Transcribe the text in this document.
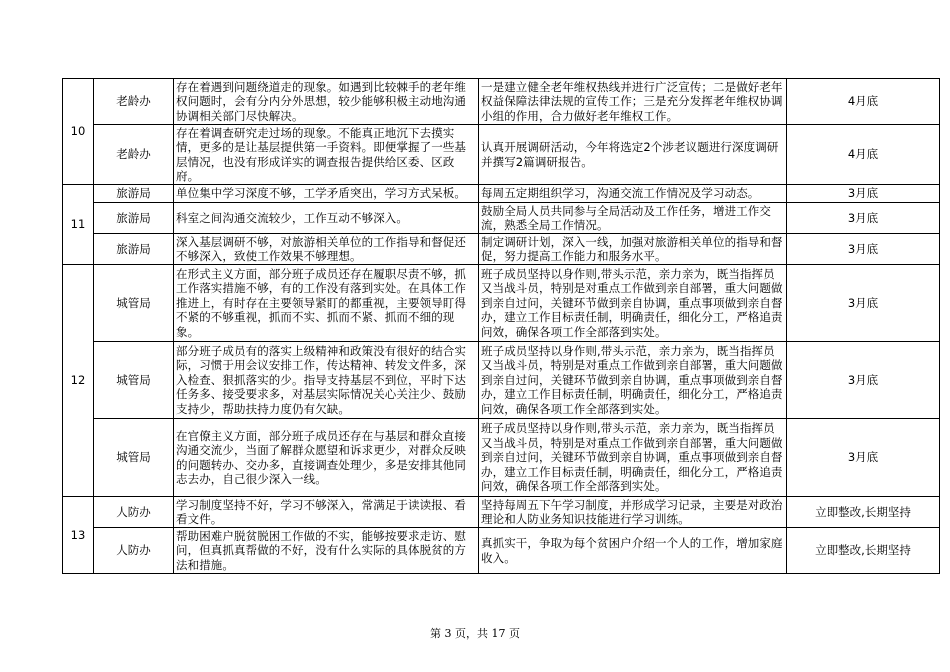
10	老龄办	存在着遇到问题绕道走的现象。如遇到比较棘手的老年维权问题时，会有分内分外思想，较少能够积极主动地沟通协调相关部门尽快解决。	一是建立健全老年维权热线并进行广泛宣传；二是做好老年权益保障法律法规的宣传工作；三是充分发挥老年维权协调小组的作用，合力做好老年维权工作。	4月底
	老龄办	存在着调查研究走过场的现象。不能真正地沉下去摸实情，更多的是让基层提供第一手资料。即便掌握了一些基层情况，也没有形成详实的调查报告提供给区委、区政府。	认真开展调研活动，今年将选定2个涉老议题进行深度调研并撰写2篇调研报告。	4月底
11	旅游局	单位集中学习深度不够，工学矛盾突出，学习方式呆板。	每周五定期组织学习，沟通交流工作情况及学习动态。	3月底
	旅游局	科室之间沟通交流较少，工作互动不够深入。	鼓励全局人员共同参与全局活动及工作任务，增进工作交流，熟悉全局工作情况。	3月底
	旅游局	深入基层调研不够，对旅游相关单位的工作指导和督促还不够深入，致使工作效果不够理想。	制定调研计划，深入一线，加强对旅游相关单位的指导和督促，努力提高工作能力和服务水平。	3月底
12	城管局	在形式主义方面，部分班子成员还存在履职尽责不够，抓工作落实措施不够，有的工作没有落到实处。在具体工作推进上，有时存在主要领导紧盯的都重视，主要领导盯得不紧的不够重视，抓而不实、抓而不紧、抓而不细的现象。	班子成员坚持以身作则,带头示范，亲力亲为，既当指挥员又当战斗员，特别是对重点工作做到亲自部署，重大问题做到亲自过问，关键环节做到亲自协调，重点事项做到亲自督办，建立工作目标责任制，明确责任，细化分工，严格追责问效，确保各项工作全部落到实处。	3月底
	城管局	部分班子成员有的落实上级精神和政策没有很好的结合实际，习惯于用会议安排工作，传达精神、转发文件多，深入检查、狠抓落实的少。指导支持基层不到位，平时下达任务多、接受要求多，对基层实际情况关心关注少、鼓励支持少，帮助扶持力度仍有欠缺。	班子成员坚持以身作则,带头示范，亲力亲为，既当指挥员又当战斗员，特别是对重点工作做到亲自部署，重大问题做到亲自过问，关键环节做到亲自协调，重点事项做到亲自督办，建立工作目标责任制，明确责任，细化分工，严格追责问效，确保各项工作全部落到实处。	3月底
	城管局	在官僚主义方面，部分班子成员还存在与基层和群众直接沟通交流少，当面了解群众愿望和诉求更少，对群众反映的问题转办、交办多，直接调查处理少，多是安排其他同志去办，自己很少深入一线。	班子成员坚持以身作则,带头示范，亲力亲为，既当指挥员又当战斗员，特别是对重点工作做到亲自部署，重大问题做到亲自过问，关键环节做到亲自协调，重点事项做到亲自督办，建立工作目标责任制，明确责任，细化分工，严格追责问效，确保各项工作全部落到实处。	3月底
13	人防办	学习制度坚持不好，学习不够深入，常满足于读读报、看看文件。	坚持每周五下午学习制度，并形成学习记录，主要是对政治理论和人防业务知识技能进行学习训练。	立即整改,长期坚持
	人防办	帮助困难户脱贫脱困工作做的不实，能够按要求走访、慰问，但真抓真帮做的不好，没有什么实际的具体脱贫的方法和措施。	真抓实干，争取为每个贫困户介绍一个人的工作，增加家庭收入。	立即整改,长期坚持
第 3 页，共 17 页
